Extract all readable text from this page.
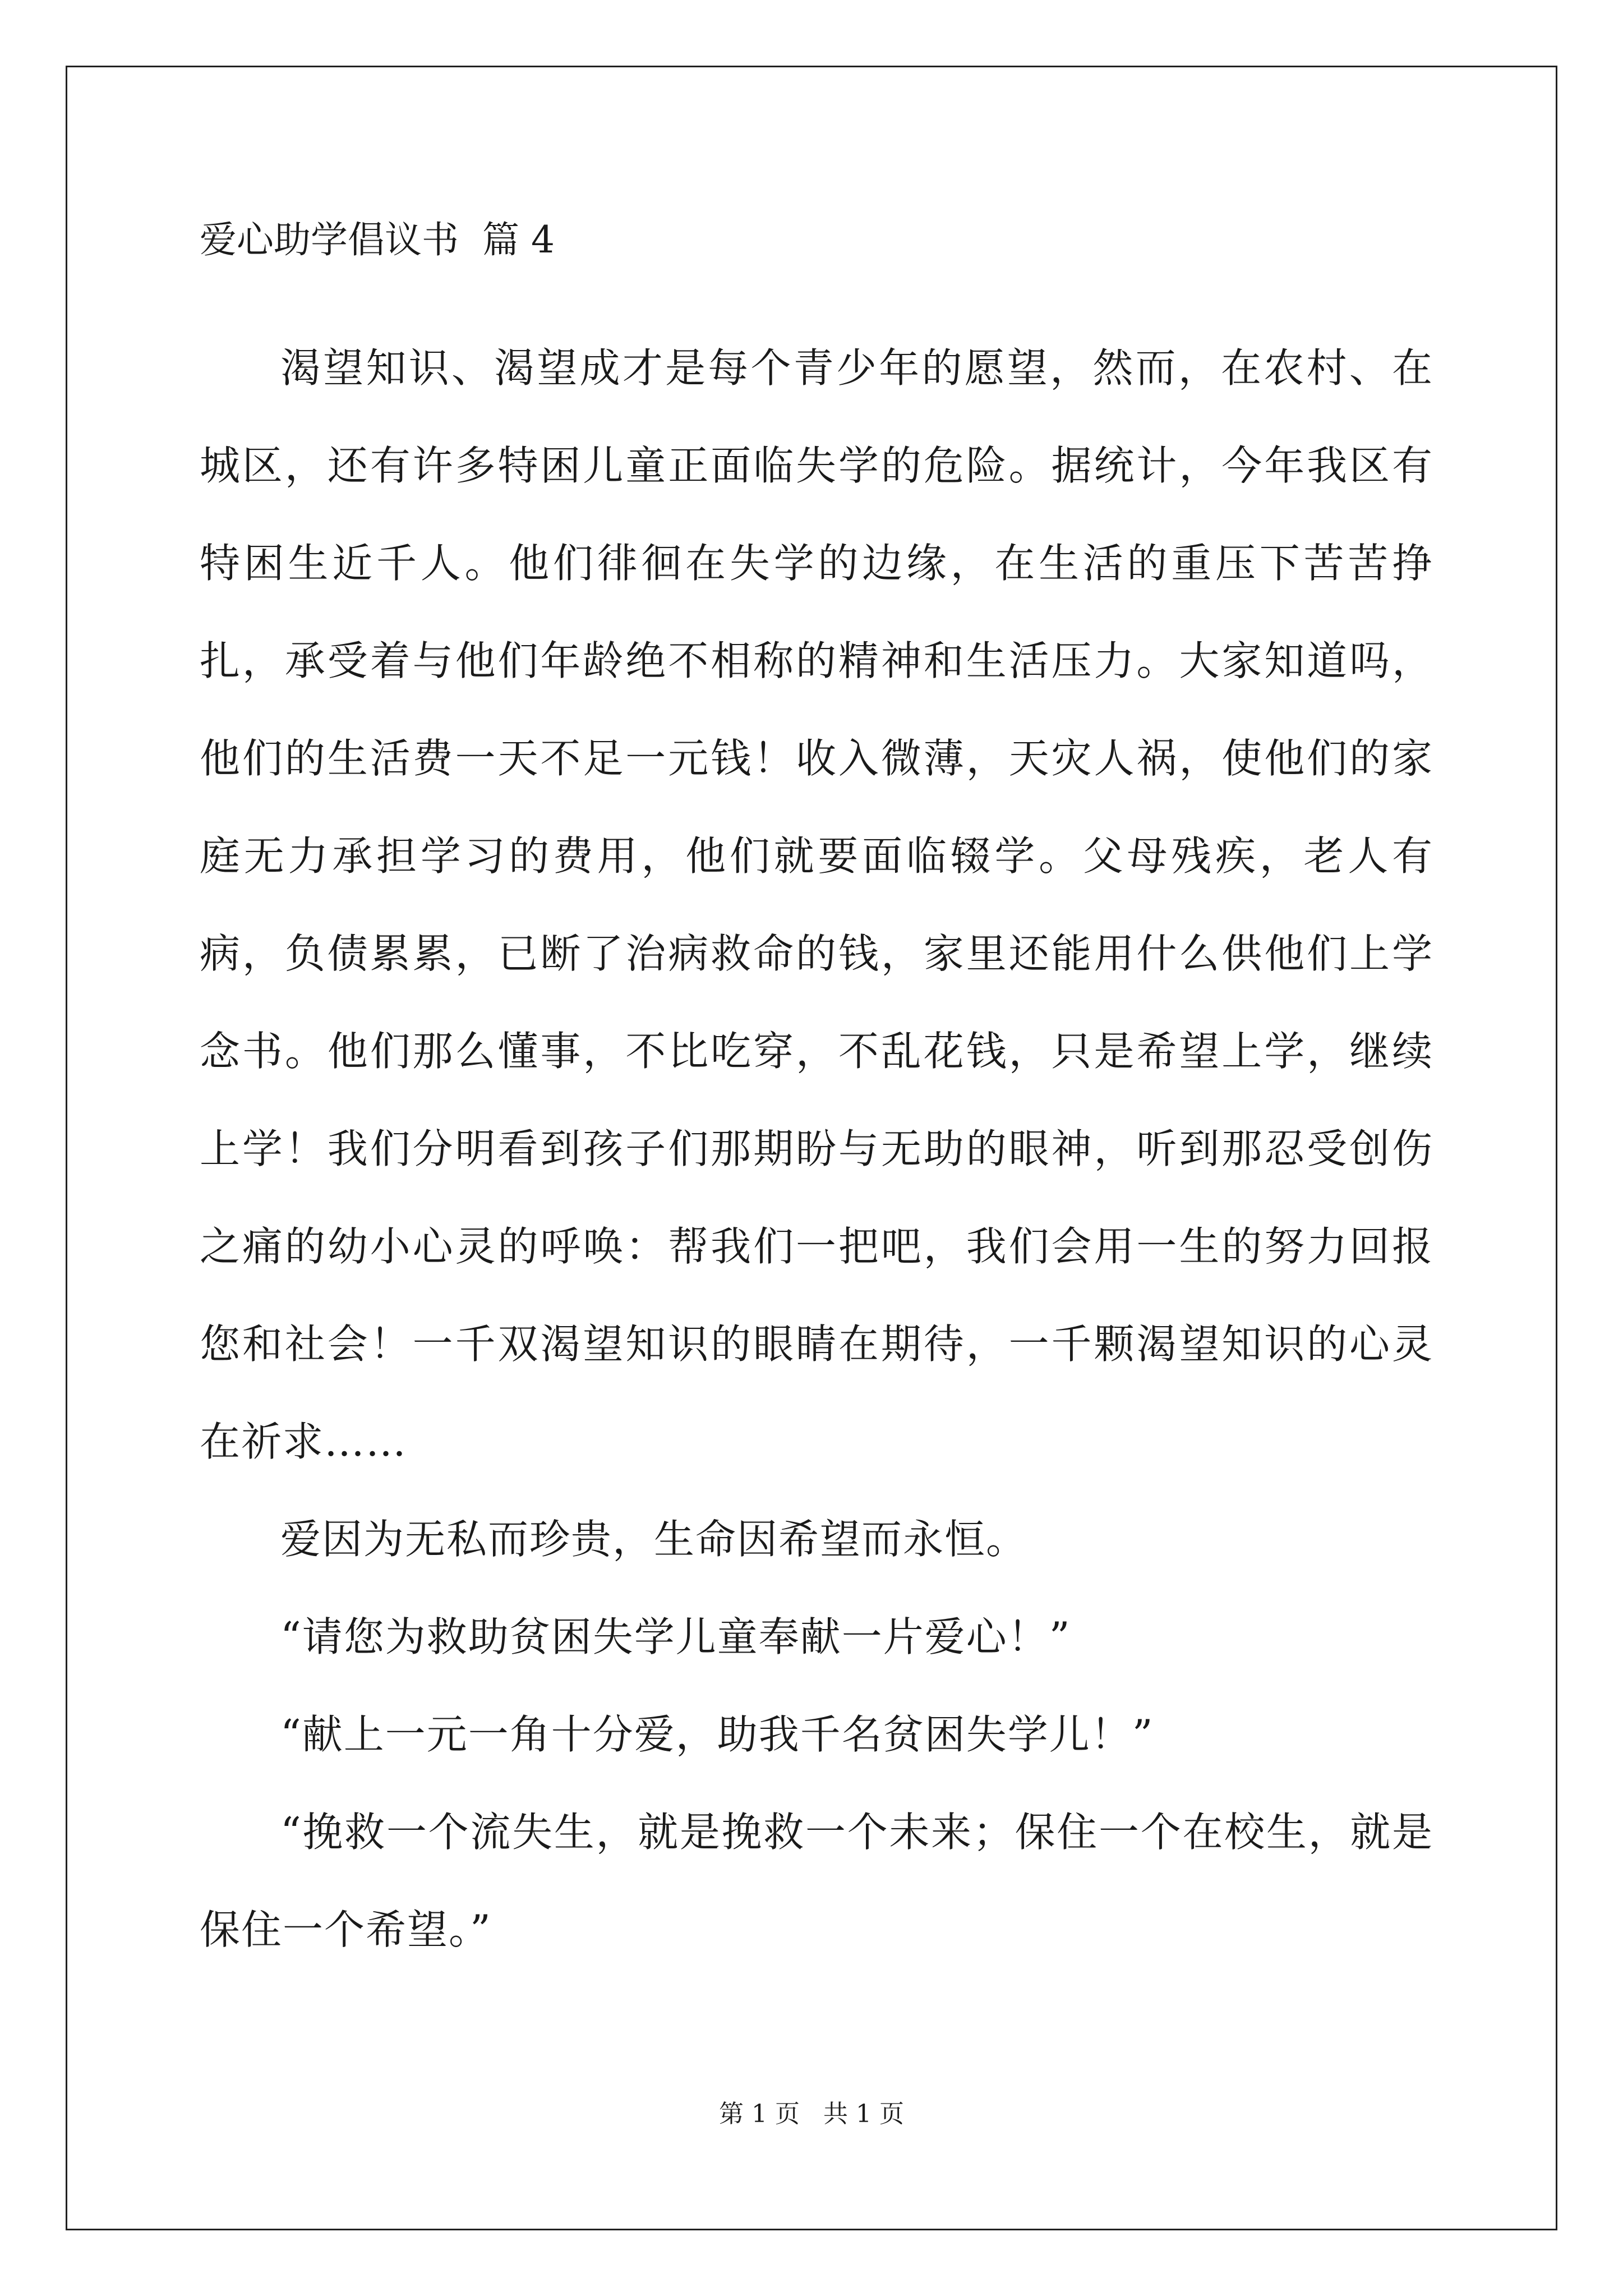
爱心助学倡议书  篇 4

渴望知识、渴望成才是每个青少年的愿望，然而，在农村、在城区，还有许多特困儿童正面临失学的危险。据统计，今年我区有特困生近千人。他们徘徊在失学的边缘，在生活的重压下苦苦挣扎，承受着与他们年龄绝不相称的精神和生活压力。大家知道吗，他们的生活费一天不足一元钱！收入微薄，天灾人祸，使他们的家庭无力承担学习的费用，他们就要面临辍学。父母残疾，老人有病，负债累累，已断了治病救命的钱，家里还能用什么供他们上学念书。他们那么懂事，不比吃穿，不乱花钱，只是希望上学，继续上学！我们分明看到孩子们那期盼与无助的眼神，听到那忍受创伤之痛的幼小心灵的呼唤：帮我们一把吧，我们会用一生的努力回报您和社会！一千双渴望知识的眼睛在期待，一千颗渴望知识的心灵在祈求……

爱因为无私而珍贵，生命因希望而永恒。

“请您为救助贫困失学儿童奉献一片爱心！”

“献上一元一角十分爱，助我千名贫困失学儿！”

“挽救一个流失生，就是挽救一个未来；保住一个在校生，就是保住一个希望。”

第 1 页   共 1 页
